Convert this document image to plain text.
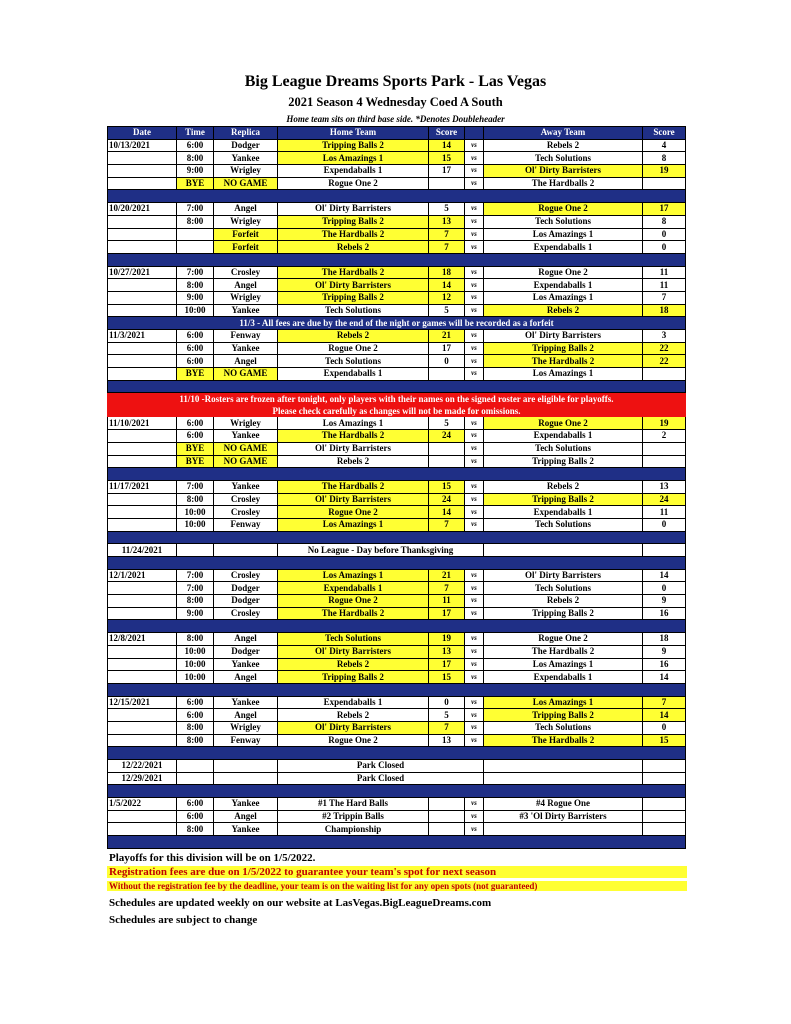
Big League Dreams Sports Park - Las Vegas
2021 Season 4 Wednesday Coed A South
Home team sits on third base side. *Denotes Doubleheader
Date	Time	Replica	Home Team	Score		Away Team	Score
10/13/2021	6:00	Dodger	Tripping Balls 2	14	vs	Rebels 2	4
	8:00	Yankee	Los Amazings 1	15	vs	Tech Solutions	8
	9:00	Wrigley	Expendaballs 1	17	vs	Ol' Dirty Barristers	19
	BYE	NO GAME	Rogue One 2		vs	The Hardballs 2	

10/20/2021	7:00	Angel	Ol' Dirty Barristers	5	vs	Rogue One 2	17
	8:00	Wrigley	Tripping Balls 2	13	vs	Tech Solutions	8
		Forfeit	The Hardballs 2	7	vs	Los Amazings 1	0
		Forfeit	Rebels 2	7	vs	Expendaballs 1	0

10/27/2021	7:00	Crosley	The Hardballs 2	18	vs	Rogue One 2	11
	8:00	Angel	Ol' Dirty Barristers	14	vs	Expendaballs 1	11
	9:00	Wrigley	Tripping Balls 2	12	vs	Los Amazings 1	7
	10:00	Yankee	Tech Solutions	5	vs	Rebels 2	18
11/3 - All fees are due by the end of the night or games will be recorded as a forfeit							
11/3/2021	6:00	Fenway	Rebels 2	21	vs	Ol' Dirty Barristers	3
	6:00	Yankee	Rogue One 2	17	vs	Tripping Balls 2	22
	6:00	Angel	Tech Solutions	0	vs	The Hardballs 2	22
	BYE	NO GAME	Expendaballs 1		vs	Los Amazings 1	

11/10 -Rosters are frozen after tonight, only players with their names on the signed roster are eligible for playoffs.							
Please check carefully as changes will not be made for omissions.							
11/10/2021	6:00	Wrigley	Los Amazings 1	5	vs	Rogue One 2	19
	6:00	Yankee	The Hardballs 2	24	vs	Expendaballs 1	2
	BYE	NO GAME	Ol' Dirty Barristers		vs	Tech Solutions	
	BYE	NO GAME	Rebels 2		vs	Tripping Balls 2	

11/17/2021	7:00	Yankee	The Hardballs 2	15	vs	Rebels 2	13
	8:00	Crosley	Ol' Dirty Barristers	24	vs	Tripping Balls 2	24
	10:00	Crosley	Rogue One 2	14	vs	Expendaballs 1	11
	10:00	Fenway	Los Amazings 1	7	vs	Tech Solutions	0

11/24/2021			No League - Day before Thanksgiving				

12/1/2021	7:00	Crosley	Los Amazings 1	21	vs	Ol' Dirty Barristers	14
	7:00	Dodger	Expendaballs 1	7	vs	Tech Solutions	0
	8:00	Dodger	Rogue One 2	11	vs	Rebels 2	9
	9:00	Crosley	The Hardballs 2	17	vs	Tripping Balls 2	16

12/8/2021	8:00	Angel	Tech Solutions	19	vs	Rogue One 2	18
	10:00	Dodger	Ol' Dirty Barristers	13	vs	The Hardballs 2	9
	10:00	Yankee	Rebels 2	17	vs	Los Amazings 1	16
	10:00	Angel	Tripping Balls 2	15	vs	Expendaballs 1	14

12/15/2021	6:00	Yankee	Expendaballs 1	0	vs	Los Amazings 1	7
	6:00	Angel	Rebels 2	5	vs	Tripping Balls 2	14
	8:00	Wrigley	Ol' Dirty Barristers	7	vs	Tech Solutions	0
	8:00	Fenway	Rogue One 2	13	vs	The Hardballs 2	15

12/22/2021			Park Closed				
12/29/2021			Park Closed				

1/5/2022	6:00	Yankee	#1 The Hard Balls		vs	#4 Rogue One	
	6:00	Angel	#2 Trippin Balls		vs	#3 'Ol Dirty Barristers	
	8:00	Yankee	Championship		vs		

Playoffs for this division will be on 1/5/2022.
Registration fees are due on 1/5/2022 to guarantee your team's spot for next season
Without the registration fee by the deadline, your team is on the waiting list for any open spots (not guaranteed)
Schedules are updated weekly on our website at LasVegas.BigLeagueDreams.com
Schedules are subject to change
